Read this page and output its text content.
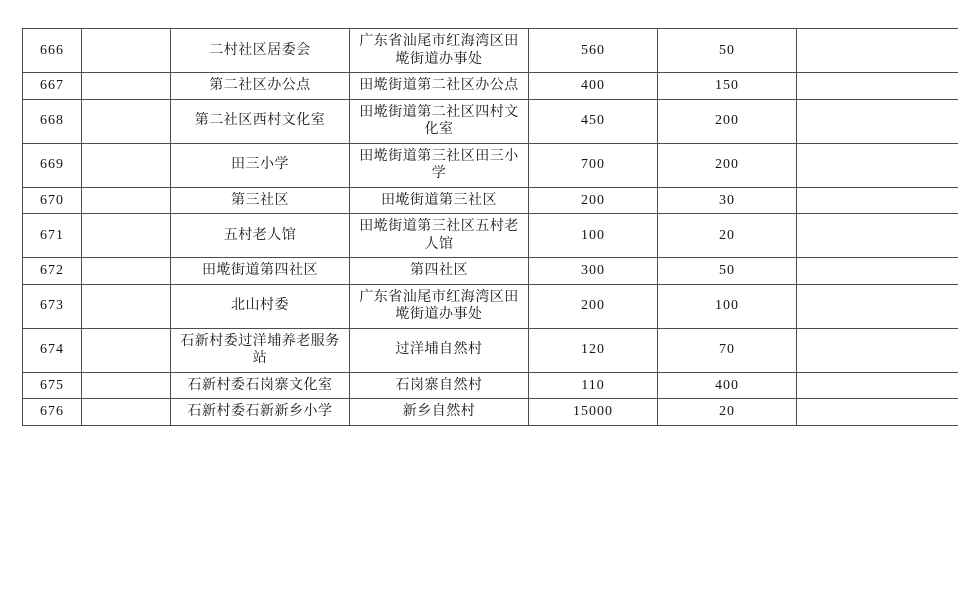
666		二村社区居委会	广东省汕尾市红海湾区田墘街道办事处	560	50	

667		第二社区办公点	田墘街道第二社区办公点	400	150	

668		第二社区西村文化室	田墘街道第二社区四村文化室	450	200	

669		田三小学	田墘街道第三社区田三小学	700	200	

670		第三社区	田墘街道第三社区	200	30	

671		五村老人馆	田墘街道第三社区五村老人馆	100	20	

672		田墘街道第四社区	第四社区	300	50	

673		北山村委	广东省汕尾市红海湾区田墘街道办事处	200	100	

674		石新村委过洋埔养老服务站	过洋埔自然村	120	70	

675		石新村委石岗寨文化室	石岗寨自然村	110	400	

676		石新村委石新新乡小学	新乡自然村	15000	20	
